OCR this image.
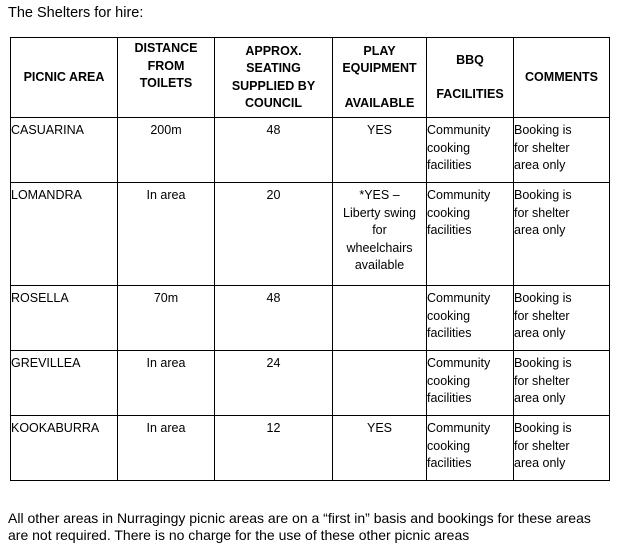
The Shelters for hire:
PICNIC AREA	DISTANCE
FROM
TOILETS	APPROX.
SEATING
SUPPLIED BY
COUNCIL	PLAY
EQUIPMENT
AVAILABLE	BBQ
FACILITIES	COMMENTS
CASUARINA	200m	48	YES	Community
cooking
facilities	Booking is
for shelter
area only

LOMANDRA	In area	20	*YES –
Liberty swing
for
wheelchairs
available	Community
cooking
facilities	Booking is
for shelter
area only

ROSELLA	70m	48		Community
cooking
facilities	Booking is
for shelter
area only

GREVILLEA	In area	24		Community
cooking
facilities	Booking is
for shelter
area only

KOOKABURRA	In area	12	YES	Community
cooking
facilities	Booking is
for shelter
area only
All other areas in Nurragingy picnic areas are on a “first in” basis and bookings for these areas are not required. There is no charge for the use of these other picnic areas
